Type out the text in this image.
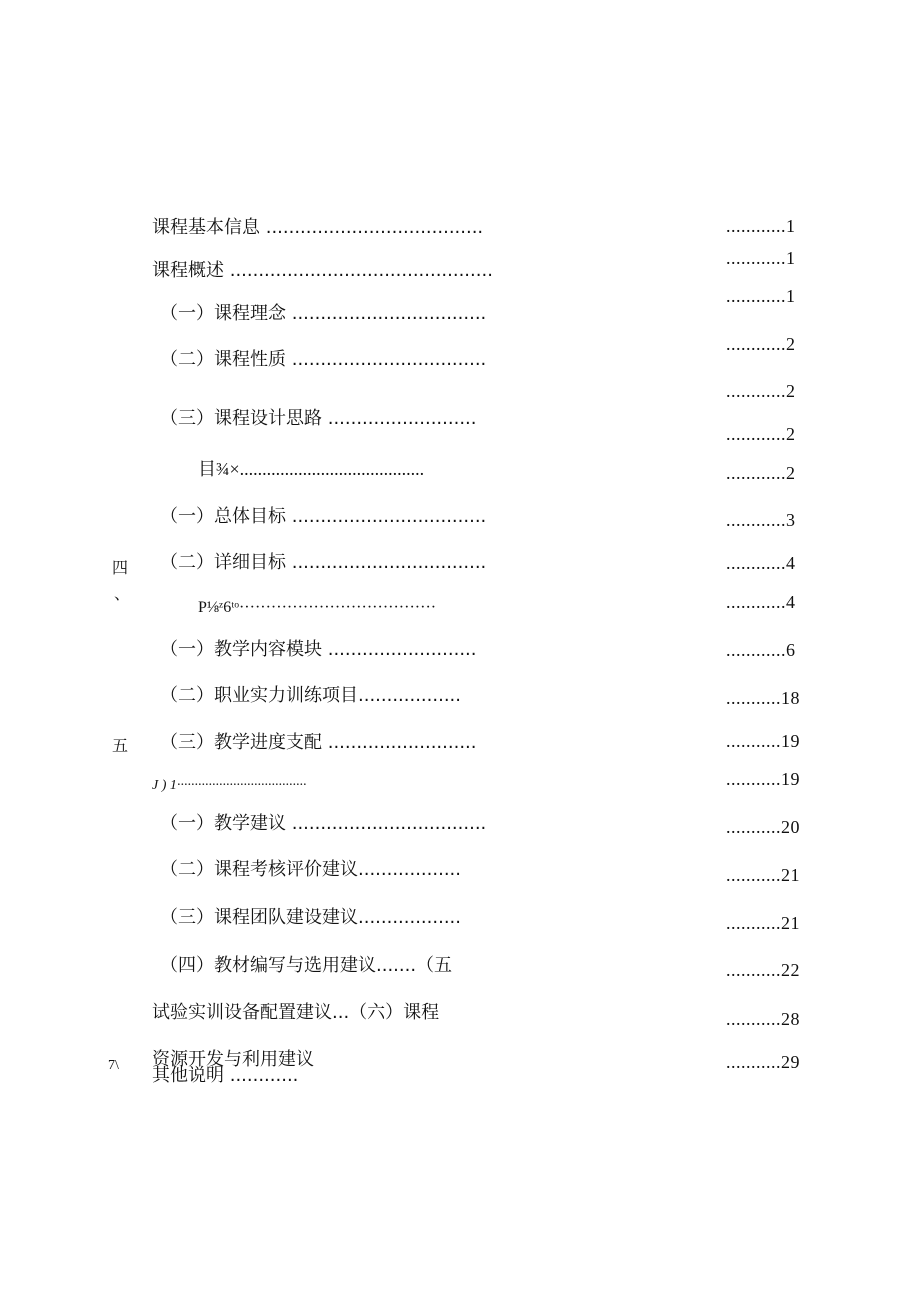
课程基本信息 ......................................
课程概述 ..............................................
（一）课程理念 ..................................
（二）课程性质 ..................................
（三）课程设计思路 ..........................
目¾×.........................................
（一）总体目标 ..................................
（二）详细目标 ..................................
P⅛ᶻ6ᵗᵒ·····································
（一）教学内容模块 ..........................
（二）职业实力训练项目..................
（三）教学进度支配 ..........................
J ) 1·····································
（一）教学建议 ..................................
（二）课程考核评价建议..................
（三）课程团队建设建议..................
（四）教材编写与选用建议.......（五
试验实训设备配置建议...（六）课程
资源开发与利用建议
其他说明 ............
四
、
五
7\
............1
............1
............1
............2
............2
............2
............2
............3
............4
............4
............6
...........18
...........19
...........19
...........20
...........21
...........21
...........22
...........28
...........29
